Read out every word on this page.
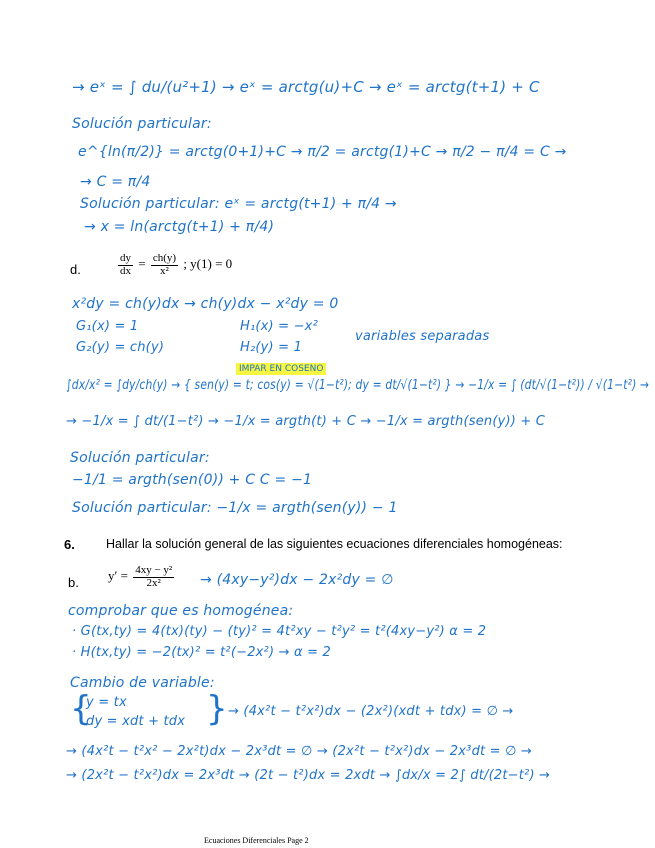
→ eˣ = ∫ du/(u²+1) → eˣ = arctg(u)+C → eˣ = arctg(t+1) + C
Solución particular:
e^{ln(π/2)} = arctg(0+1)+C → π/2 = arctg(1)+C → π/2 − π/4 = C →
→ C = π/4
Solución particular: eˣ = arctg(t+1) + π/4 →
→ x = ln(arctg(t+1) + π/4)
d.	$\frac{dy}{dx} = \frac{ch(y)}{\text{x²}}$ ; y(1) = 0
x²dy = ch(y)dx → ch(y)dx − x²dy = 0
G₁(x) = 1	H₁(x) = −x²
variables separadas
G₂(y) = ch(y)	H₂(y) = 1
IMPAR EN COSENO
∫dx/x² = ∫dy/ch(y) → { sen(y) = t; cos(y) = √(1−t²); dy = dt/√(1−t²) } → −1/x = ∫ (dt/√(1−t²)) / √(1−t²) →
→ −1/x = ∫ dt/(1−t²) → −1/x = argth(t) + C → −1/x = argth(sen(y)) + C
Solución particular:
−1/1 = argth(sen(0)) + C C = −1
Solución particular: −1/x = argth(sen(y)) − 1
6. Hallar la solución general de las siguientes ecuaciones diferenciales homogéneas:
b. $y' = \frac{\text{4xy − y²}}{\text{2x²}} \to (4xy-y^2)dx - 2x^2dy$ = ∅
comprobar que es homogénea:
· G(tx,ty) = 4(tx)(ty) − (ty)² = 4t²xy − t²y² = t²(4xy−y²) α = 2
· H(tx,ty) = −2(tx)² = t²(−2x²) → α = 2
Cambio de variable:
{
y = tx
dy = xdt + tdx } → (4x²t − t²x²)dx − (2x²)(xdt + tdx) = ∅ →
→ (4x²t − t²x² − 2x²t)dx − 2x³dt = ∅ → (2x²t − t²x²)dx − 2x³dt = ∅ →
→ (2x²t − t²x²)dx = 2x³dt → (2t − t²)dx = 2xdt → ∫dx/x = 2∫ dt/(2t−t²) →
Ecuaciones Diferenciales Page 2
